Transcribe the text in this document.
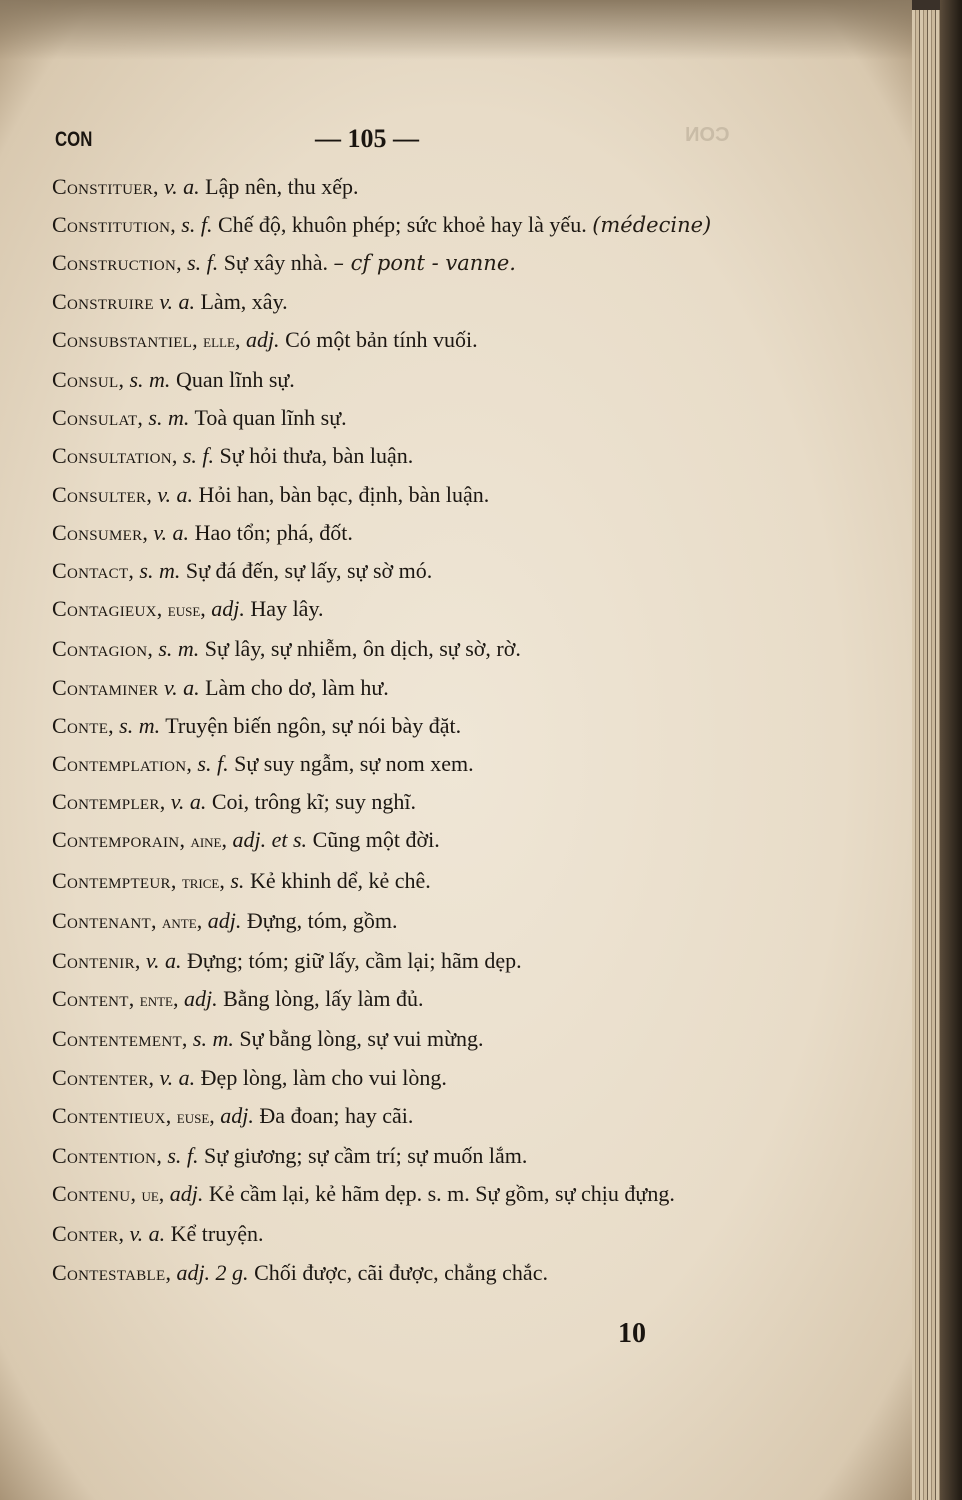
CON	— 105 —	CON
Constituer, v. a. Lập nên, thu xếp.
Constitution, s. f. Chế độ, khuôn phép; sức khoẻ hay là yếu. (médecine)
Construction, s. f. Sự xây nhà. – cf pont - vanne.
Construire v. a. Làm, xây.
Consubstantiel, elle, adj. Có một bản tính vuối.
Consul, s. m. Quan lĩnh sự.
Consulat, s. m. Toà quan lĩnh sự.
Consultation, s. f. Sự hỏi thưa, bàn luận.
Consulter, v. a. Hỏi han, bàn bạc, định, bàn luận.
Consumer, v. a. Hao tổn; phá, đốt.
Contact, s. m. Sự đá đến, sự lấy, sự sờ mó.
Contagieux, euse, adj. Hay lây.
Contagion, s. m. Sự lây, sự nhiễm, ôn dịch, sự sờ, rờ.
Contaminer v. a. Làm cho dơ, làm hư.
Conte, s. m. Truyện biến ngôn, sự nói bày đặt.
Contemplation, s. f. Sự suy ngẫm, sự nom xem.
Contempler, v. a. Coi, trông kĩ; suy nghĩ.
Contemporain, aine, adj. et s. Cũng một đời.
Contempteur, trice, s. Kẻ khinh dể, kẻ chê.
Contenant, ante, adj. Đựng, tóm, gồm.
Contenir, v. a. Đựng; tóm; giữ lấy, cầm lại; hãm dẹp.
Content, ente, adj. Bằng lòng, lấy làm đủ.
Contentement, s. m. Sự bằng lòng, sự vui mừng.
Contenter, v. a. Đẹp lòng, làm cho vui lòng.
Contentieux, euse, adj. Đa đoan; hay cãi.
Contention, s. f. Sự giương; sự cầm trí; sự muốn lắm.
Contenu, ue, adj. Kẻ cầm lại, kẻ hãm dẹp. s. m. Sự gồm, sự chịu đựng.
Conter, v. a. Kể truyện.
Contestable, adj. 2 g. Chối được, cãi được, chẳng chắc.
10
